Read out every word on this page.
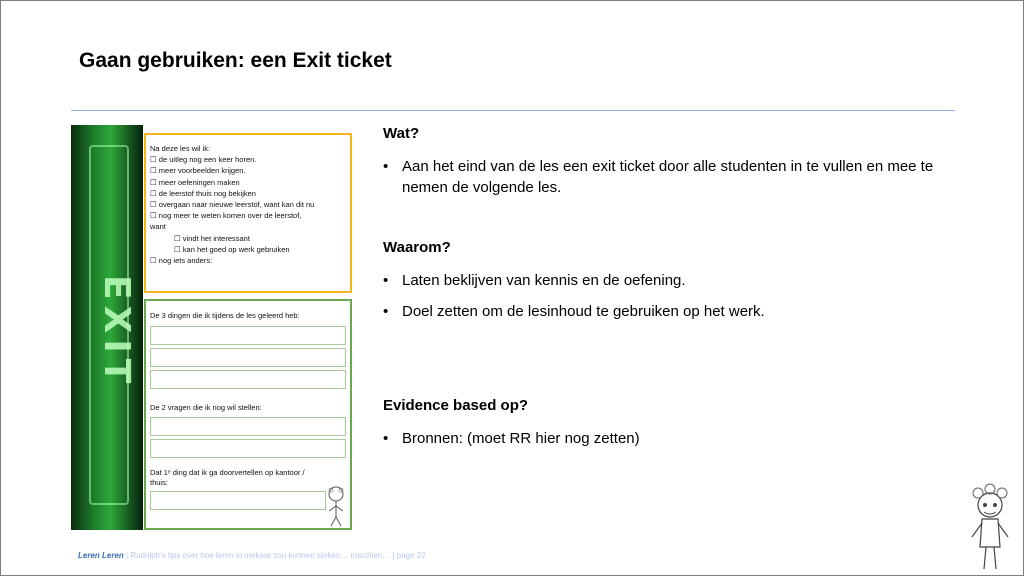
Gaan gebruiken: een Exit ticket
EXIT
Na deze les wil ik:
☐ de uitleg nog een keer horen.
☐ meer voorbeelden krijgen.
☐ meer oefeningen maken
☐ de leerstof thuis nog bekijken
☐ overgaan naar nieuwe leerstof, want kan dit nu
☐ nog meer te weten komen over de leerstof,
want
☐ vindt het interessant
☐ kan het goed op werk gebruiken
☐ nog iets anders:
De 3 dingen die ik tijdens de les geleerd heb:
De 2 vragen die ik nog wil stellen:
Dat 1ᵉ ding dat ik ga doorvertellen op kantoor /
thuis:
Wat?
• Aan het eind van de les een exit ticket door alle studenten in te vullen en mee te nemen de volgende les.
Waarom?
• Laten beklijven van kennis en de oefening.
• Doel zetten om de lesinhoud te gebruiken op het werk.
Evidence based op?
• Bronnen: (moet RR hier nog zetten)
Leren Leren | Rudolph's tips over hoe leren in mekaar zou kunnen steken… mischien… | page 22
